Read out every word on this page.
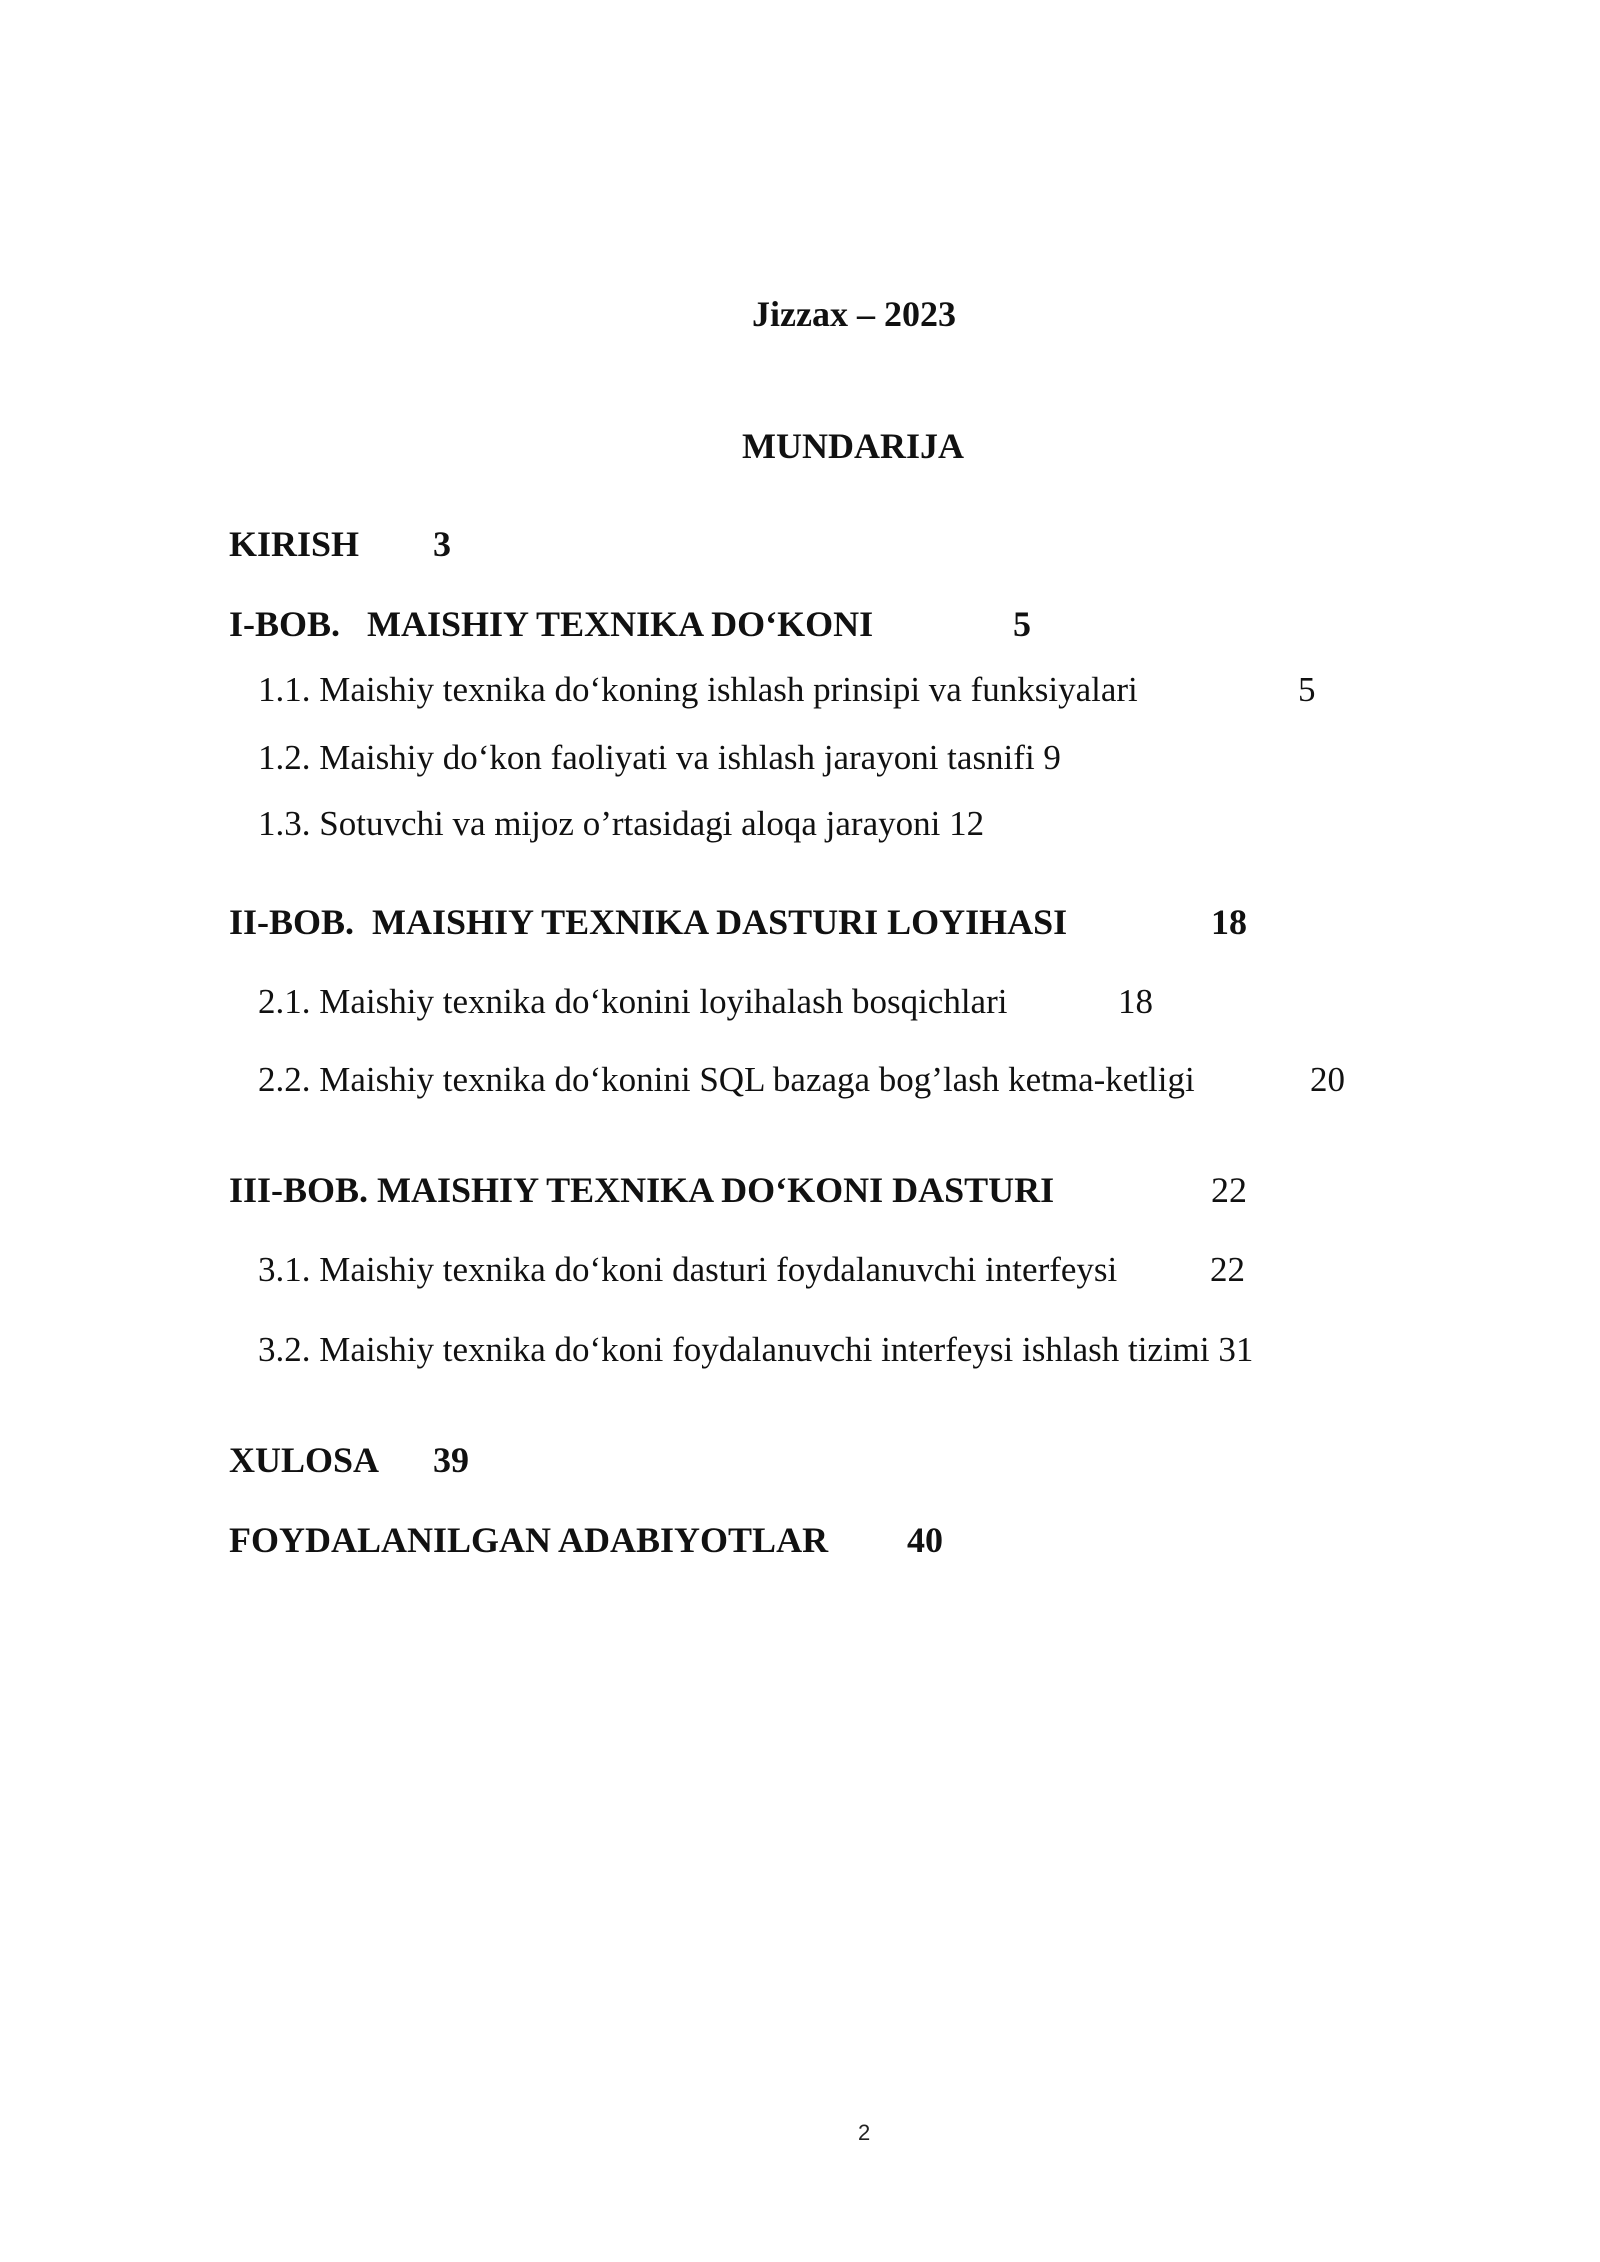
Jizzax – 2023
MUNDARIJA
KIRISH 3
I-BOB.   MAISHIY TEXNIKA DO‘KONI	5
1.1. Maishiy texnika do‘koning ishlash prinsipi va funksiyalari	5
1.2. Maishiy do‘kon faoliyati va ishlash jarayoni tasnifi 9
1.3. Sotuvchi va mijoz o’rtasidagi aloqa jarayoni 12
II-BOB.  MAISHIY TEXNIKA DASTURI LOYIHASI	18
2.1. Maishiy texnika do‘konini loyihalash bosqichlari	18
2.2. Maishiy texnika do‘konini SQL bazaga bog’lash ketma-ketligi	20
III-BOB. MAISHIY TEXNIKA DO‘KONI DASTURI	22
3.1. Maishiy texnika do‘koni dasturi foydalanuvchi interfeysi	22
3.2. Maishiy texnika do‘koni foydalanuvchi interfeysi ishlash tizimi 31
XULOSA 39
FOYDALANILGAN ADABIYOTLAR 40
2
